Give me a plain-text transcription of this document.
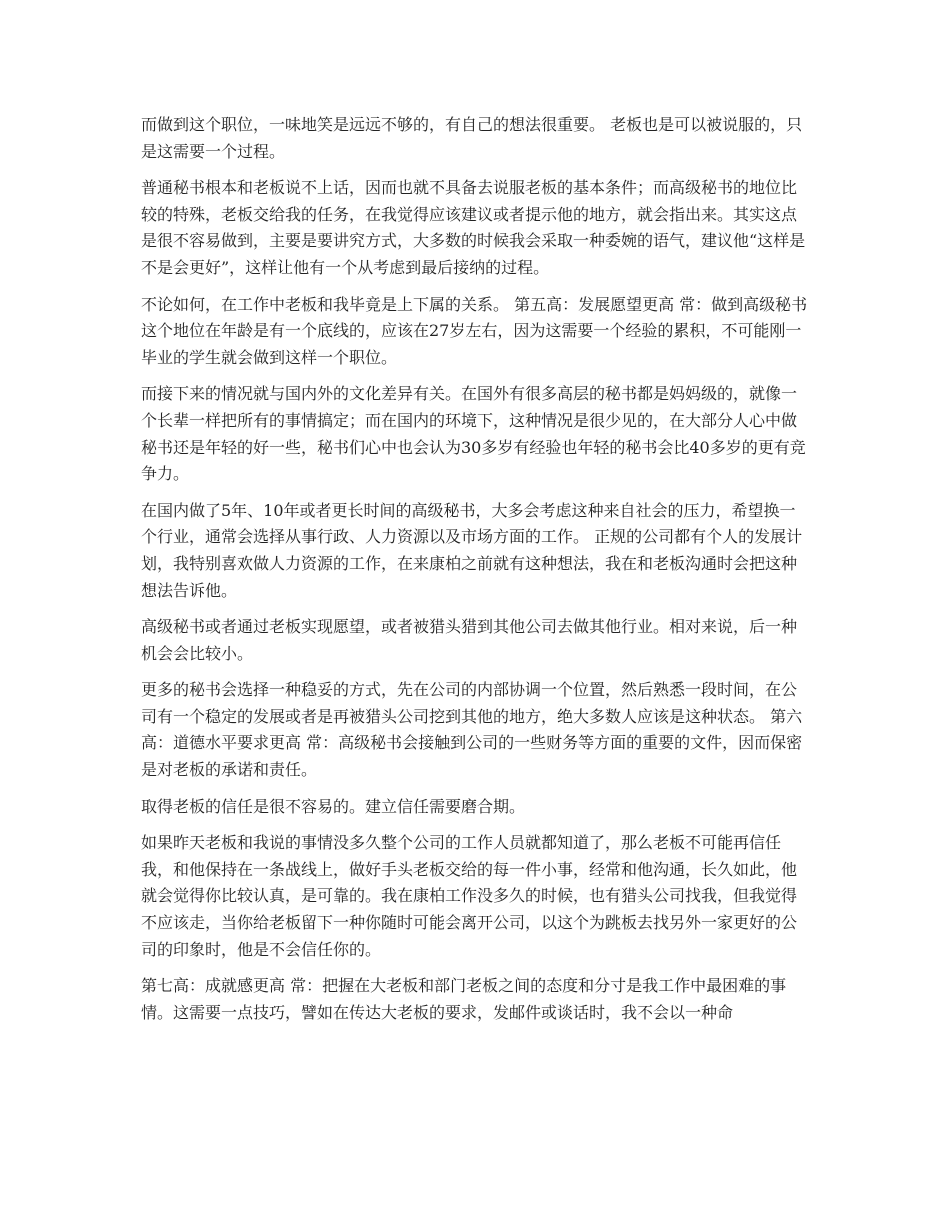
而做到这个职位，一味地笑是远远不够的，有自己的想法很重要。 老板也是可以被说服的，只是这需要一个过程。

普通秘书根本和老板说不上话，因而也就不具备去说服老板的基本条件；而高级秘书的地位比较的特殊，老板交给我的任务，在我觉得应该建议或者提示他的地方，就会指出来。其实这点是很不容易做到，主要是要讲究方式，大多数的时候我会采取一种委婉的语气，建议他“这样是不是会更好”，这样让他有一个从考虑到最后接纳的过程。

不论如何，在工作中老板和我毕竟是上下属的关系。 第五高：发展愿望更高 常：做到高级秘书这个地位在年龄是有一个底线的，应该在27岁左右，因为这需要一个经验的累积，不可能刚一毕业的学生就会做到这样一个职位。

而接下来的情况就与国内外的文化差异有关。在国外有很多高层的秘书都是妈妈级的，就像一个长辈一样把所有的事情搞定；而在国内的环境下，这种情况是很少见的，在大部分人心中做秘书还是年轻的好一些，秘书们心中也会认为30多岁有经验也年轻的秘书会比40多岁的更有竞争力。

在国内做了5年、10年或者更长时间的高级秘书，大多会考虑这种来自社会的压力，希望换一个行业，通常会选择从事行政、人力资源以及市场方面的工作。 正规的公司都有个人的发展计划，我特别喜欢做人力资源的工作，在来康柏之前就有这种想法，我在和老板沟通时会把这种想法告诉他。

高级秘书或者通过老板实现愿望，或者被猎头猎到其他公司去做其他行业。相对来说，后一种机会会比较小。

更多的秘书会选择一种稳妥的方式，先在公司的内部协调一个位置，然后熟悉一段时间，在公司有一个稳定的发展或者是再被猎头公司挖到其他的地方，绝大多数人应该是这种状态。 第六高：道德水平要求更高 常：高级秘书会接触到公司的一些财务等方面的重要的文件，因而保密是对老板的承诺和责任。

取得老板的信任是很不容易的。建立信任需要磨合期。

如果昨天老板和我说的事情没多久整个公司的工作人员就都知道了，那么老板不可能再信任我，和他保持在一条战线上，做好手头老板交给的每一件小事，经常和他沟通，长久如此，他就会觉得你比较认真，是可靠的。我在康柏工作没多久的时候，也有猎头公司找我，但我觉得不应该走，当你给老板留下一种你随时可能会离开公司，以这个为跳板去找另外一家更好的公司的印象时，他是不会信任你的。

第七高：成就感更高 常：把握在大老板和部门老板之间的态度和分寸是我工作中最困难的事情。这需要一点技巧，譬如在传达大老板的要求，发邮件或谈话时，我不会以一种命
